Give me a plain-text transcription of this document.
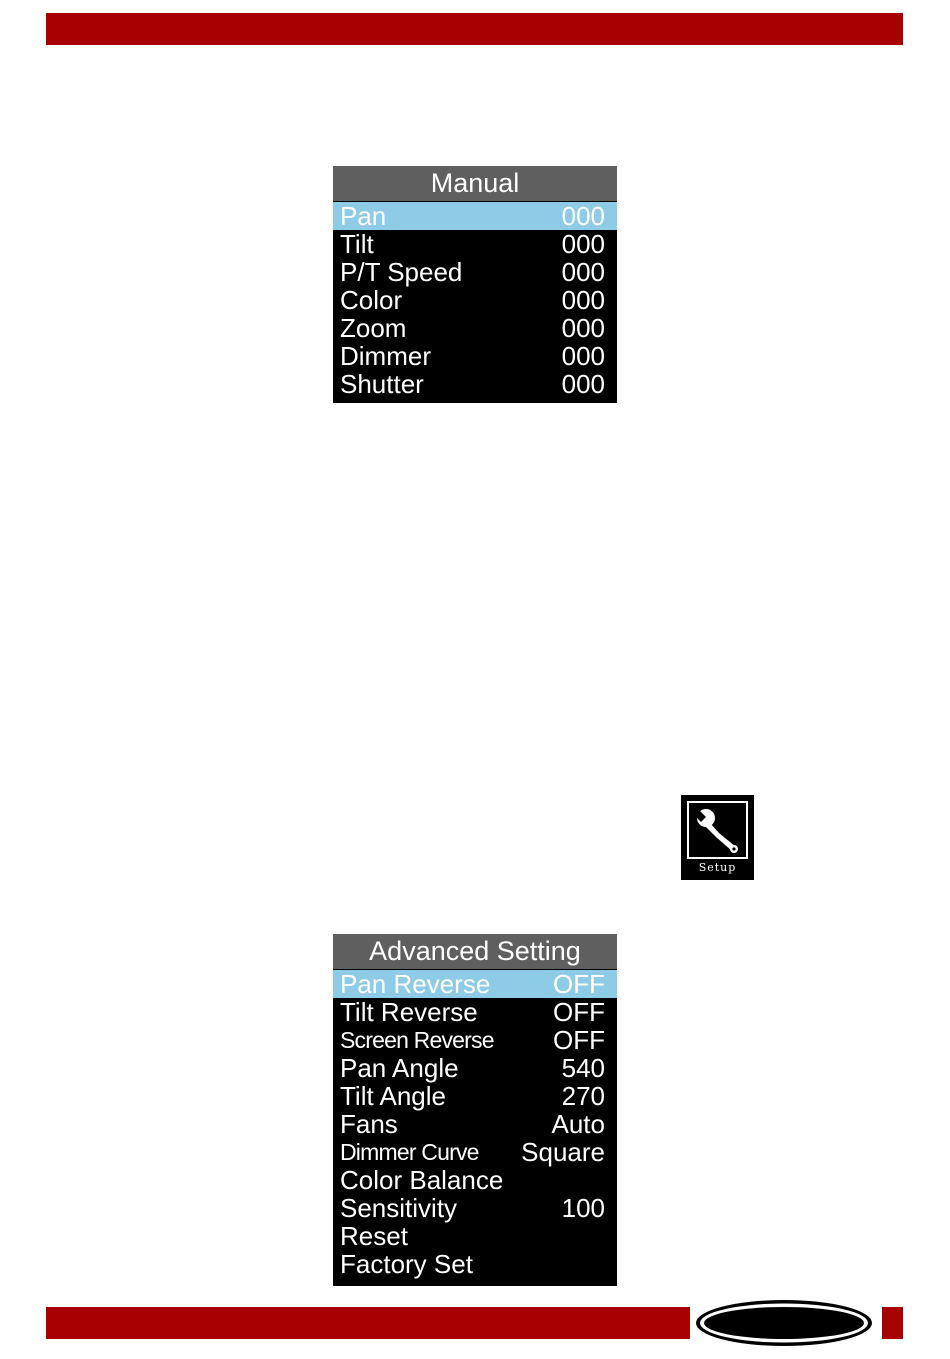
Manual
Pan	000
Tilt	000
P/T Speed	000
Color	000
Zoom	000
Dimmer	000
Shutter	000
Setup
Advanced Setting
Pan Reverse OFF
Tilt Reverse	OFF
Screen Reverse OFF
Pan Angle	540
Tilt Angle	270
Fans	Auto
Dimmer Curve Square
Color Balance
Sensitivity	100
Reset
Factory Set
